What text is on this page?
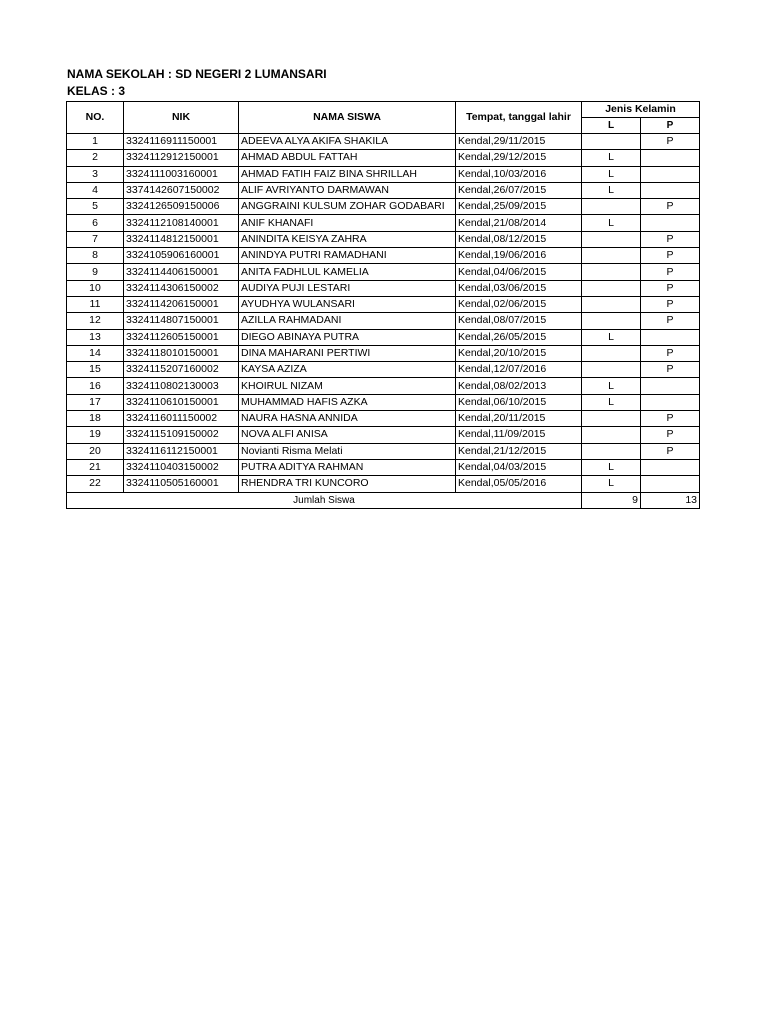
NAMA SEKOLAH : SD NEGERI 2 LUMANSARI
KELAS : 3
NO.	NIK	NAMA SISWA	Tempat, tanggal lahir	Jenis Kelamin	
				L	P
1	3324116911150001	ADEEVA ALYA AKIFA SHAKILA	Kendal,29/11/2015		P
2	3324112912150001	AHMAD ABDUL FATTAH	Kendal,29/12/2015	L	
3	3324111003160001	AHMAD FATIH FAIZ BINA SHRILLAH	Kendal,10/03/2016	L	
4	3374142607150002	ALIF AVRIYANTO DARMAWAN	Kendal,26/07/2015	L	
5	3324126509150006	ANGGRAINI KULSUM ZOHAR GODABARI	Kendal,25/09/2015		P
6	3324112108140001	ANIF KHANAFI	Kendal,21/08/2014	L	
7	3324114812150001	ANINDITA KEISYA ZAHRA	Kendal,08/12/2015		P
8	3324105906160001	ANINDYA PUTRI RAMADHANI	Kendal,19/06/2016		P
9	3324114406150001	ANITA FADHLUL KAMELIA	Kendal,04/06/2015		P
10	3324114306150002	AUDIYA PUJI LESTARI	Kendal,03/06/2015		P
11	3324114206150001	AYUDHYA WULANSARI	Kendal,02/06/2015		P
12	3324114807150001	AZILLA RAHMADANI	Kendal,08/07/2015		P
13	3324112605150001	DIEGO ABINAYA PUTRA	Kendal,26/05/2015	L	
14	3324118010150001	DINA MAHARANI PERTIWI	Kendal,20/10/2015		P
15	3324115207160002	KAYSA AZIZA	Kendal,12/07/2016		P
16	3324110802130003	KHOIRUL NIZAM	Kendal,08/02/2013	L	
17	3324110610150001	MUHAMMAD HAFIS AZKA	Kendal,06/10/2015	L	
18	3324116011150002	NAURA HASNA ANNIDA	Kendal,20/11/2015		P
19	3324115109150002	NOVA ALFI ANISA	Kendal,11/09/2015		P
20	3324116112150001	Novianti Risma Melati	Kendal,21/12/2015		P
21	3324110403150002	PUTRA ADITYA RAHMAN	Kendal,04/03/2015	L	
22	3324110505160001	RHENDRA TRI KUNCORO	Kendal,05/05/2016	L	
Jumlah Siswa				9	13
